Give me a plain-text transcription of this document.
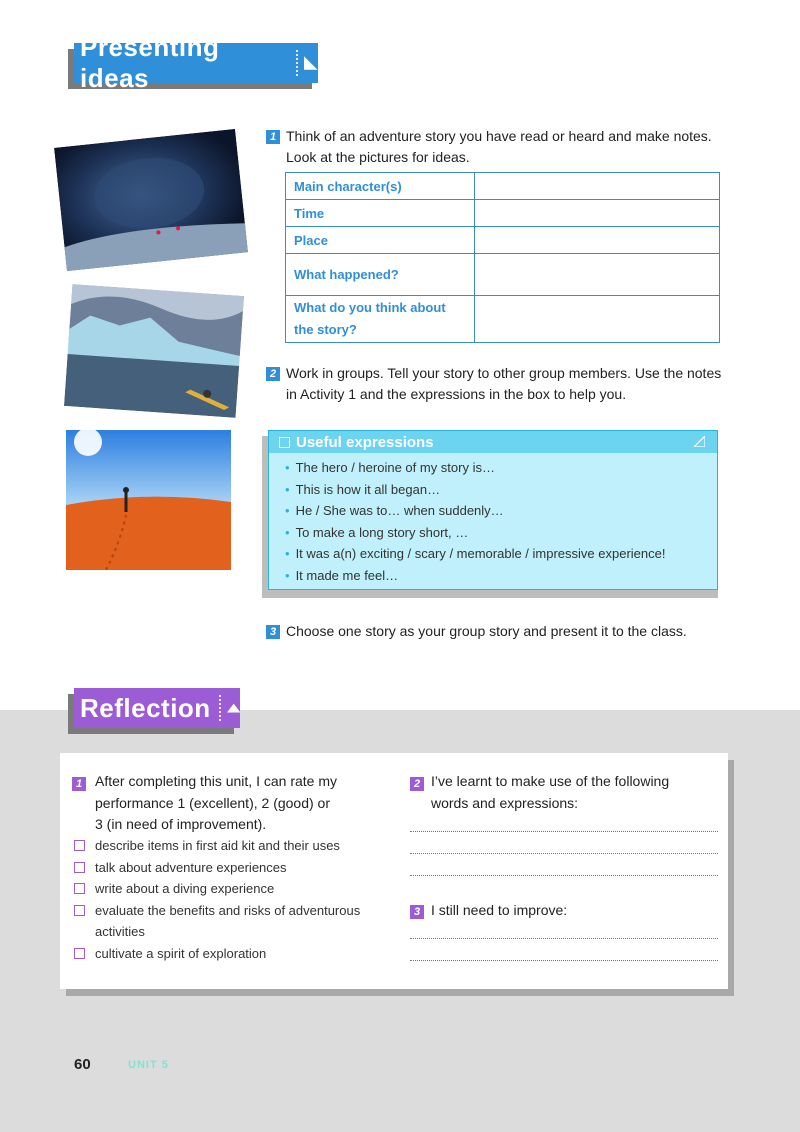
Presenting ideas
1 Think of an adventure story you have read or heard and make notes. Look at the pictures for ideas.
Main character(s)	
Time	
Place	
What happened?	
What do you think about the story?	
2 Work in groups. Tell your story to other group members. Use the notes in Activity 1 and the expressions in the box to help you.
Useful expressions
• The hero / heroine of my story is…
• This is how it all began…
• He / She was to… when suddenly…
• To make a long story short, …
• It was a(n) exciting / scary / memorable / impressive experience!
• It made me feel…
3 Choose one story as your group story and present it to the class.
Reflection
1 After completing this unit, I can rate my
performance 1 (excellent), 2 (good) or
3 (in need of improvement).
describe items in first aid kit and their uses
talk about adventure experiences
write about a diving experience
evaluate the benefits and risks of adventurous
activities
cultivate a spirit of exploration
2 I’ve learnt to make use of the following
words and expressions:
3 I still need to improve:
60	UNIT 5
